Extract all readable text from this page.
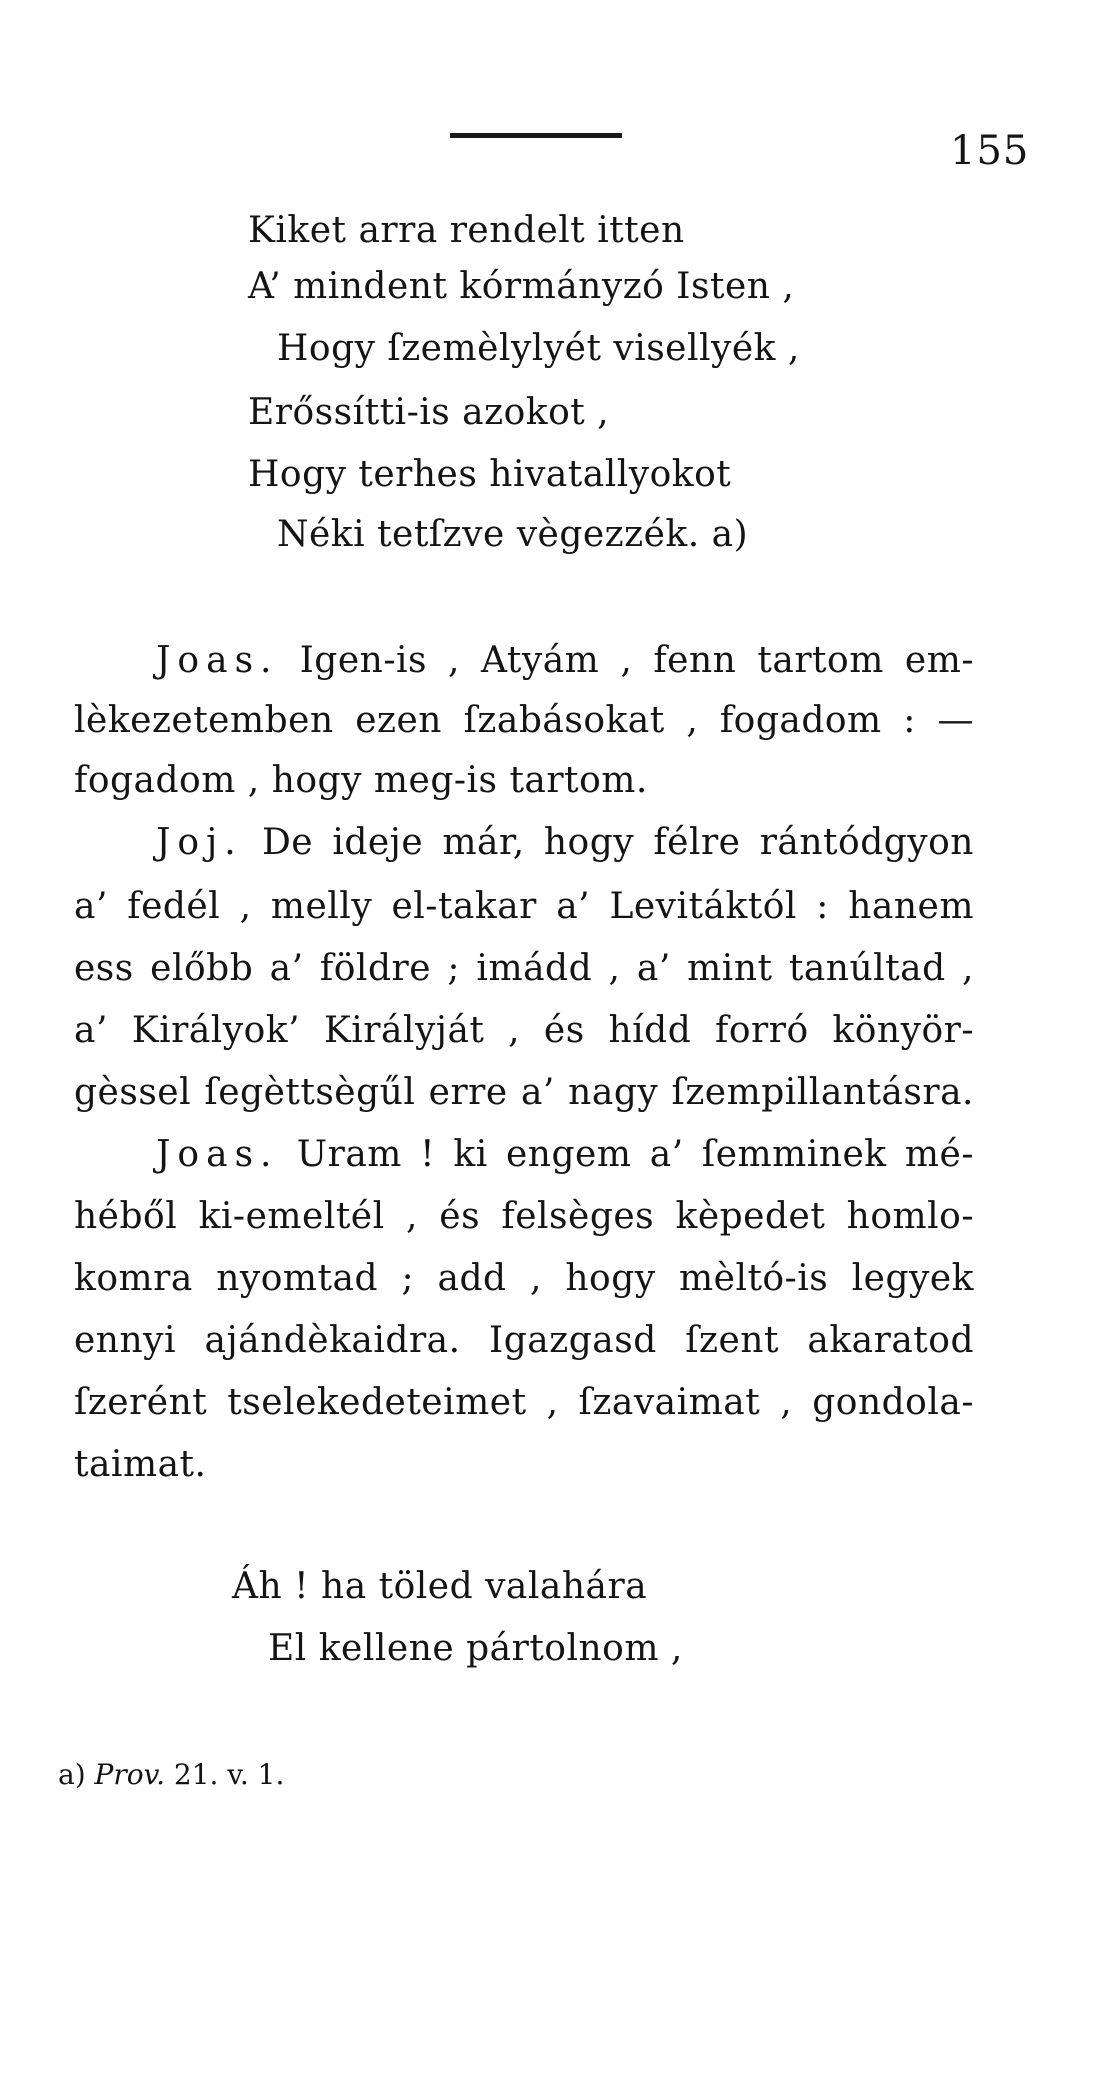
155
Kiket arra rendelt itten
A’ mindent kórmányzó Isten ,
Hogy ſzemèlylyét visellyék ,
Erőssítti-is azokot ,
Hogy terhes hivatallyokot
Néki tetſzve vègezzék. a)
Joas. Igen-is , Atyám , fenn tartom em-
lèkezetemben ezen ſzabásokat , fogadom : —
fogadom , hogy meg-is tartom.
Joj. De ideje már, hogy félre rántódgyon
a’ fedél , melly el-takar a’ Levitáktól : hanem
ess előbb a’ földre ; imádd , a’ mint tanúltad ,
a’ Királyok’ Királyját , és hídd forró könyör-
gèssel ſegèttsègűl erre a’ nagy ſzempillantásra.
Joas. Uram ! ki engem a’ ſemminek mé-
héből ki-emeltél , és felsèges kèpedet homlo-
komra nyomtad ; add , hogy mèltó-is legyek
ennyi ajándèkaidra. Igazgasd ſzent akaratod
ſzerént tselekedeteimet , ſzavaimat , gondola-
taimat.
Áh ! ha töled valahára
El kellene pártolnom ,
a) Prov. 21. v. 1.
